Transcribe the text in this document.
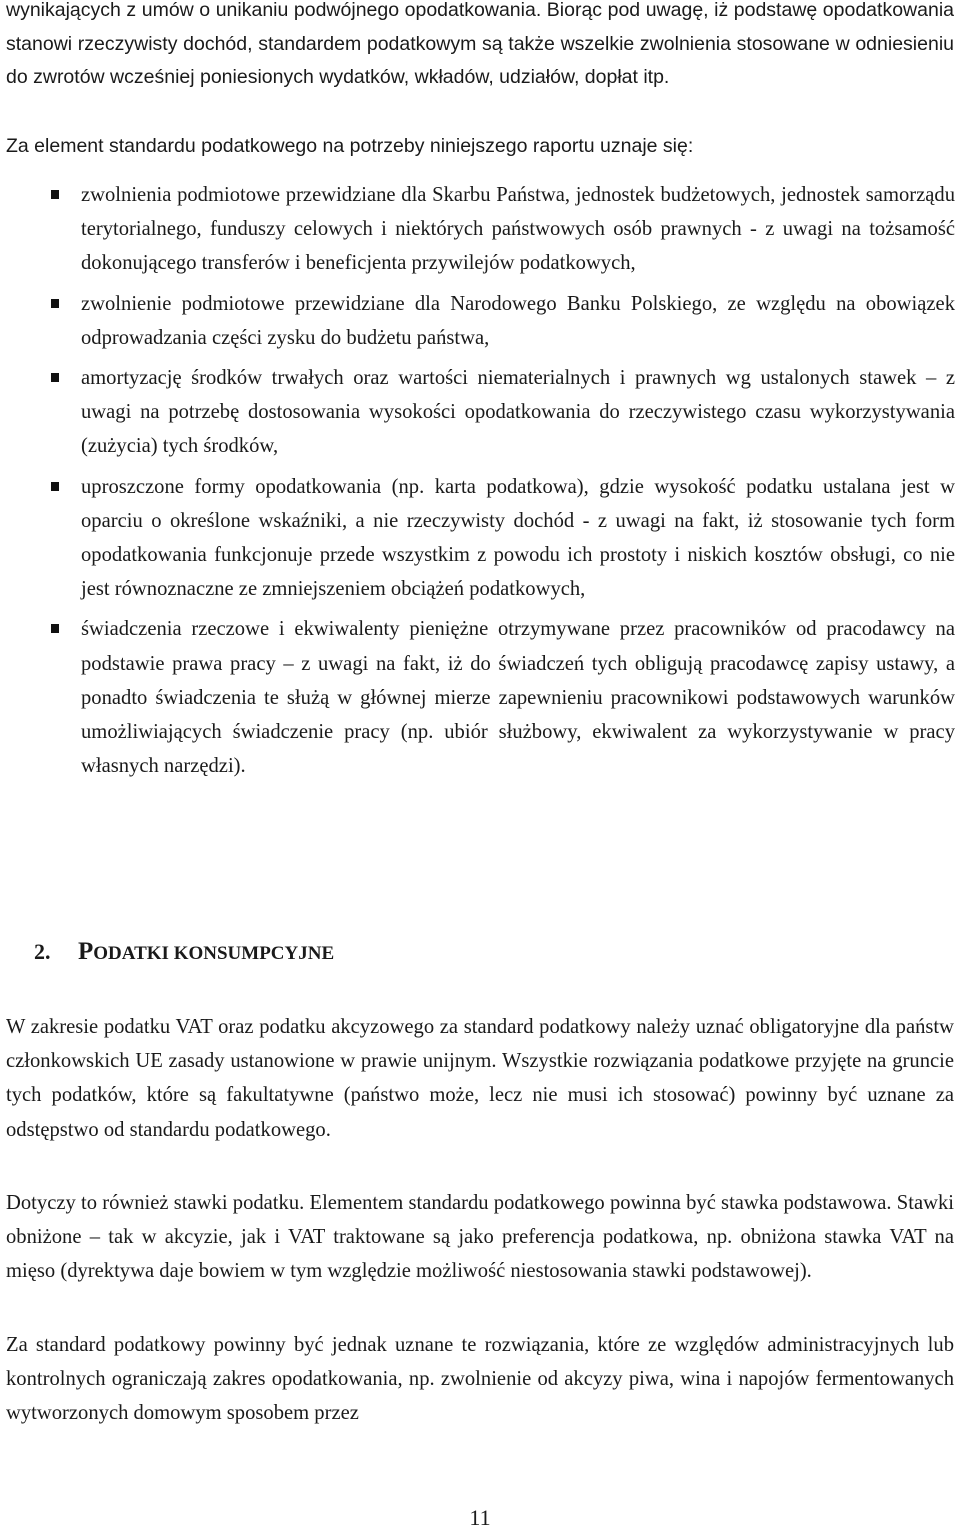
wynikających z umów o unikaniu podwójnego opodatkowania. Biorąc pod uwagę, iż podstawę opodatkowania stanowi rzeczywisty dochód, standardem podatkowym są także wszelkie zwolnienia stosowane w odniesieniu do zwrotów wcześniej poniesionych wydatków, wkładów, udziałów, dopłat itp.

Za element standardu podatkowego na potrzeby niniejszego raportu uznaje się:

zwolnienia podmiotowe przewidziane dla Skarbu Państwa, jednostek budżetowych, jednostek samorządu terytorialnego, funduszy celowych i niektórych państwowych osób prawnych - z uwagi na tożsamość dokonującego transferów i beneficjenta przywilejów podatkowych,
zwolnienie podmiotowe przewidziane dla Narodowego Banku Polskiego, ze względu na obowiązek odprowadzania części zysku do budżetu państwa,
amortyzację środków trwałych oraz wartości niematerialnych i prawnych wg ustalonych stawek – z uwagi na potrzebę dostosowania wysokości opodatkowania do rzeczywistego czasu wykorzystywania (zużycia) tych środków,
uproszczone formy opodatkowania (np. karta podatkowa), gdzie wysokość podatku ustalana jest w oparciu o określone wskaźniki, a nie rzeczywisty dochód - z uwagi na fakt, iż stosowanie tych form opodatkowania funkcjonuje przede wszystkim z powodu ich prostoty i niskich kosztów obsługi, co nie jest równoznaczne ze zmniejszeniem obciążeń podatkowych,
świadczenia rzeczowe i ekwiwalenty pieniężne otrzymywane przez pracowników od pracodawcy na podstawie prawa pracy – z uwagi na fakt, iż do świadczeń tych obligują pracodawcę zapisy ustawy, a ponadto świadczenia te służą w głównej mierze zapewnieniu pracownikowi podstawowych warunków umożliwiających świadczenie pracy (np. ubiór służbowy, ekwiwalent za wykorzystywanie w pracy własnych narzędzi).
2. PODATKI KONSUMPCYJNE

W zakresie podatku VAT oraz podatku akcyzowego za standard podatkowy należy uznać obligatoryjne dla państw członkowskich UE zasady ustanowione w prawie unijnym. Wszystkie rozwiązania podatkowe przyjęte na gruncie tych podatków, które są fakultatywne (państwo może, lecz nie musi ich stosować) powinny być uznane za odstępstwo od standardu podatkowego.

Dotyczy to również stawki podatku. Elementem standardu podatkowego powinna być stawka podstawowa. Stawki obniżone – tak w akcyzie, jak i VAT traktowane są jako preferencja podatkowa, np. obniżona stawka VAT na mięso (dyrektywa daje bowiem w tym względzie możliwość niestosowania stawki podstawowej).

Za standard podatkowy powinny być jednak uznane te rozwiązania, które ze względów administracyjnych lub kontrolnych ograniczają zakres opodatkowania, np. zwolnienie od akcyzy piwa, wina i napojów fermentowanych wytworzonych domowym sposobem przez

11
